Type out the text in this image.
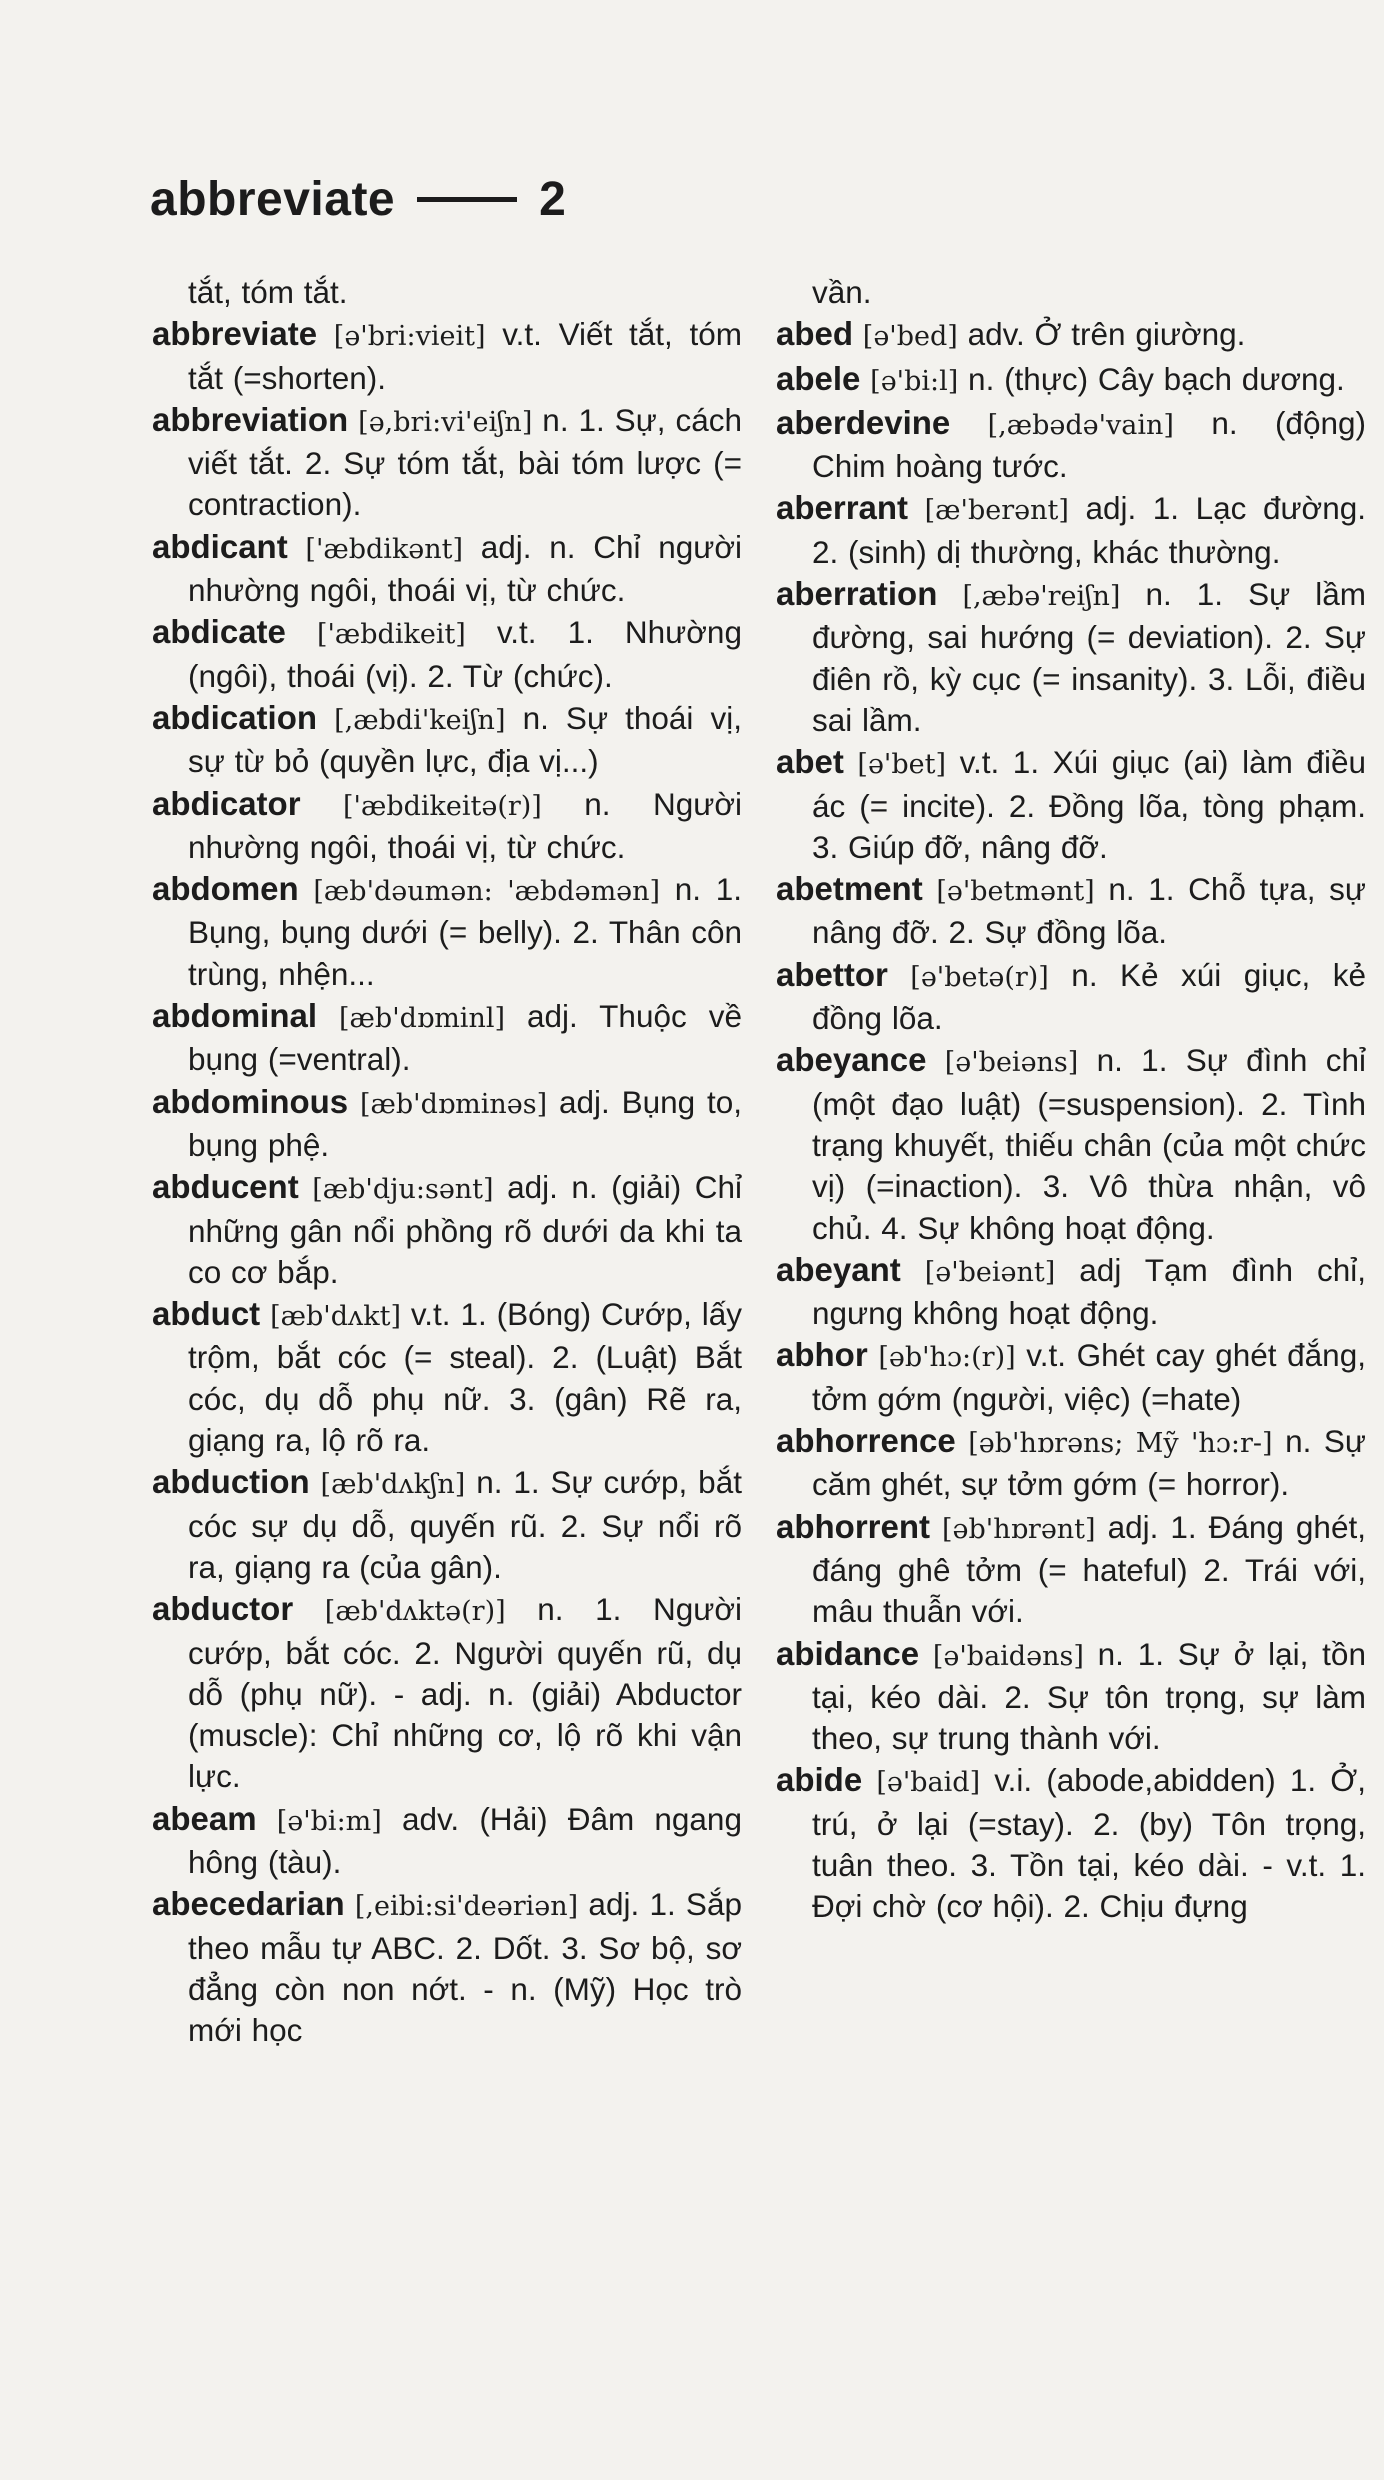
abbreviate	2
tắt, tóm tắt.
abbreviate [ə'bri:vieit] v.t. Viết tắt, tóm tắt (=shorten).
abbreviation [ə,bri:vi'eiʃn] n. 1. Sự, cách viết tắt. 2. Sự tóm tắt, bài tóm lược (= contraction).
abdicant ['æbdikənt] adj. n. Chỉ người nhường ngôi, thoái vị, từ chức.
abdicate ['æbdikeit] v.t. 1. Nhường (ngôi), thoái (vị). 2. Từ (chức).
abdication [,æbdi'keiʃn] n. Sự thoái vị, sự từ bỏ (quyền lực, địa vị...)
abdicator ['æbdikeitə(r)] n. Người nhường ngôi, thoái vị, từ chức.
abdomen [æb'dəumən: 'æbdəmən] n. 1. Bụng, bụng dưới (= belly). 2. Thân côn trùng, nhện...
abdominal [æb'dɒminl] adj. Thuộc về bụng (=ventral).
abdominous [æb'dɒminəs] adj. Bụng to, bụng phệ.
abducent [æb'dju:sənt] adj. n. (giải) Chỉ những gân nổi phồng rõ dưới da khi ta co cơ bắp.
abduct [æb'dʌkt] v.t. 1. (Bóng) Cướp, lấy trộm, bắt cóc (= steal). 2. (Luật) Bắt cóc, dụ dỗ phụ nữ. 3. (gân) Rẽ ra, giạng ra, lộ rõ ra.
abduction [æb'dʌkʃn] n. 1. Sự cướp, bắt cóc sự dụ dỗ, quyến rũ. 2. Sự nổi rõ ra, giạng ra (của gân).
abductor [æb'dʌktə(r)] n. 1. Người cướp, bắt cóc. 2. Người quyến rũ, dụ dỗ (phụ nữ). - adj. n. (giải) Abductor (muscle): Chỉ những cơ, lộ rõ khi vận lực.
abeam [ə'bi:m] adv. (Hải) Đâm ngang hông (tàu).
abecedarian [,eibi:si'deəriən] adj. 1. Sắp theo mẫu tự ABC. 2. Dốt. 3. Sơ bộ, sơ đẳng còn non nớt. - n. (Mỹ) Học trò mới học
vần.
abed [ə'bed] adv. Ở trên giường.
abele [ə'bi:l] n. (thực) Cây bạch dương.
aberdevine [,æbədə'vain] n. (động) Chim hoàng tước.
aberrant [æ'berənt] adj. 1. Lạc đường. 2. (sinh) dị thường, khác thường.
aberration [,æbə'reiʃn] n. 1. Sự lầm đường, sai hướng (= deviation). 2. Sự điên rồ, kỳ cục (= insanity). 3. Lỗi, điều sai lầm.
abet [ə'bet] v.t. 1. Xúi giục (ai) làm điều ác (= incite). 2. Đồng lõa, tòng phạm. 3. Giúp đỡ, nâng đỡ.
abetment [ə'betmənt] n. 1. Chỗ tựa, sự nâng đỡ. 2. Sự đồng lõa.
abettor [ə'betə(r)] n. Kẻ xúi giục, kẻ đồng lõa.
abeyance [ə'beiəns] n. 1. Sự đình chỉ (một đạo luật) (=suspension). 2. Tình trạng khuyết, thiếu chân (của một chức vị) (=inaction). 3. Vô thừa nhận, vô chủ. 4. Sự không hoạt động.
abeyant [ə'beiənt] adj Tạm đình chỉ, ngưng không hoạt động.
abhor [əb'hɔ:(r)] v.t. Ghét cay ghét đắng, tởm gớm (người, việc) (=hate)
abhorrence [əb'hɒrəns; Mỹ 'hɔ:r-] n. Sự căm ghét, sự tởm gớm (= horror).
abhorrent [əb'hɒrənt] adj. 1. Đáng ghét, đáng ghê tởm (= hateful) 2. Trái với, mâu thuẫn với.
abidance [ə'baidəns] n. 1. Sự ở lại, tồn tại, kéo dài. 2. Sự tôn trọng, sự làm theo, sự trung thành với.
abide [ə'baid] v.i. (abode,abidden) 1. Ở, trú, ở lại (=stay). 2. (by) Tôn trọng, tuân theo. 3. Tồn tại, kéo dài. - v.t. 1. Đợi chờ (cơ hội). 2. Chịu đựng
